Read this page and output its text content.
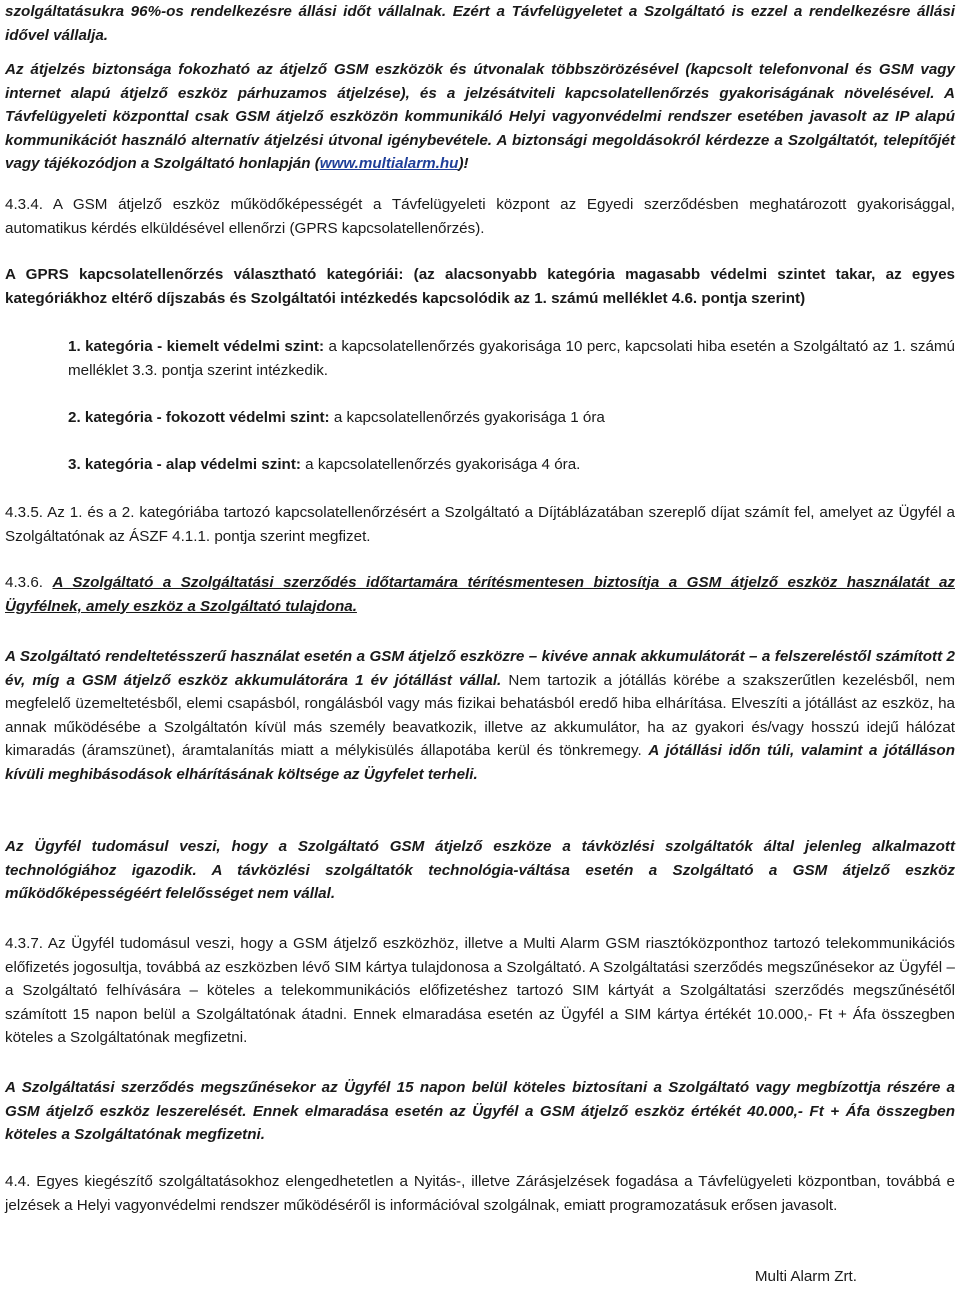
szolgáltatásukra 96%-os rendelkezésre állási időt vállalnak. Ezért a Távfelügyeletet a Szolgáltató is ezzel a rendelkezésre állási idővel vállalja.

Az átjelzés biztonsága fokozható az átjelző GSM eszközök és útvonalak többszörözésével (kapcsolt telefonvonal és GSM vagy internet alapú átjelző eszköz párhuzamos átjelzése), és a jelzésátviteli kapcsolatellenőrzés gyakoriságának növelésével. A Távfelügyeleti központtal csak GSM átjelző eszközön kommunikáló Helyi vagyonvédelmi rendszer esetében javasolt az IP alapú kommunikációt használó alternatív átjelzési útvonal igénybevétele. A biztonsági megoldásokról kérdezze a Szolgáltatót, telepítőjét vagy tájékozódjon a Szolgáltató honlapján (www.multialarm.hu)!

4.3.4. A GSM átjelző eszköz működőképességét a Távfelügyeleti központ az Egyedi szerződésben meghatározott gyakorisággal, automatikus kérdés elküldésével ellenőrzi (GPRS kapcsolatellenőrzés).

A GPRS kapcsolatellenőrzés választható kategóriái: (az alacsonyabb kategória magasabb védelmi szintet takar, az egyes kategóriákhoz eltérő díjszabás és Szolgáltatói intézkedés kapcsolódik az 1. számú melléklet 4.6. pontja szerint)

1. kategória - kiemelt védelmi szint: a kapcsolatellenőrzés gyakorisága 10 perc, kapcsolati hiba esetén a Szolgáltató az 1. számú melléklet 3.3. pontja szerint intézkedik.

2. kategória - fokozott védelmi szint: a kapcsolatellenőrzés gyakorisága 1 óra

3. kategória - alap védelmi szint: a kapcsolatellenőrzés gyakorisága 4 óra.

4.3.5. Az 1. és a 2. kategóriába tartozó kapcsolatellenőrzésért a Szolgáltató a Díjtáblázatában szereplő díjat számít fel, amelyet az Ügyfél a Szolgáltatónak az ÁSZF 4.1.1. pontja szerint megfizet.

4.3.6. A Szolgáltató a Szolgáltatási szerződés időtartamára térítésmentesen biztosítja a GSM átjelző eszköz használatát az Ügyfélnek, amely eszköz a Szolgáltató tulajdona.

A Szolgáltató rendeltetésszerű használat esetén a GSM átjelző eszközre – kivéve annak akkumulátorát – a felszereléstől számított 2 év, míg a GSM átjelző eszköz akkumulátorára 1 év jótállást vállal. Nem tartozik a jótállás körébe a szakszerűtlen kezelésből, nem megfelelő üzemeltetésből, elemi csapásból, rongálásból vagy más fizikai behatásból eredő hiba elhárítása. Elveszíti a jótállást az eszköz, ha annak működésébe a Szolgáltatón kívül más személy beavatkozik, illetve az akkumulátor, ha az gyakori és/vagy hosszú idejű hálózat kimaradás (áramszünet), áramtalanítás miatt a mélykisülés állapotába kerül és tönkremegy. A jótállási időn túli, valamint a jótálláson kívüli meghibásodások elhárításának költsége az Ügyfelet terheli.

Az Ügyfél tudomásul veszi, hogy a Szolgáltató GSM átjelző eszköze a távközlési szolgáltatók által jelenleg alkalmazott technológiához igazodik. A távközlési szolgáltatók technológia-váltása esetén a Szolgáltató a GSM átjelző eszköz működőképességéért felelősséget nem vállal.

4.3.7. Az Ügyfél tudomásul veszi, hogy a GSM átjelző eszközhöz, illetve a Multi Alarm GSM riasztóközponthoz tartozó telekommunikációs előfizetés jogosultja, továbbá az eszközben lévő SIM kártya tulajdonosa a Szolgáltató. A Szolgáltatási szerződés megszűnésekor az Ügyfél – a Szolgáltató felhívására – köteles a telekommunikációs előfizetéshez tartozó SIM kártyát a Szolgáltatási szerződés megszűnésétől számított 15 napon belül a Szolgáltatónak átadni. Ennek elmaradása esetén az Ügyfél a SIM kártya értékét 10.000,- Ft + Áfa összegben köteles a Szolgáltatónak megfizetni.

A Szolgáltatási szerződés megszűnésekor az Ügyfél 15 napon belül köteles biztosítani a Szolgáltató vagy megbízottja részére a GSM átjelző eszköz leszerelését. Ennek elmaradása esetén az Ügyfél a GSM átjelző eszköz értékét 40.000,- Ft + Áfa összegben köteles a Szolgáltatónak megfizetni.

4.4. Egyes kiegészítő szolgáltatásokhoz elengedhetetlen a Nyitás-, illetve Zárásjelzések fogadása a Távfelügyeleti központban, továbbá e jelzések a Helyi vagyonvédelmi rendszer működéséről is információval szolgálnak, emiatt programozatásuk erősen javasolt.

Multi Alarm Zrt.
